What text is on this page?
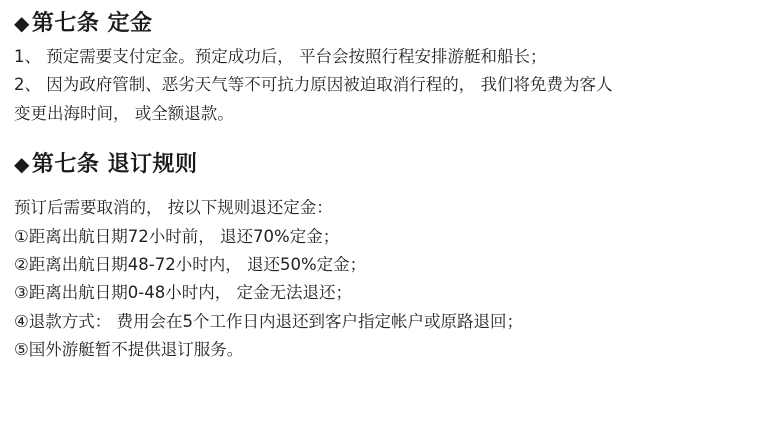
◆ 第七条 定金

1、 预定需要支付定金。预定成功后， 平台会按照行程安排游艇和船长；

2、 因为政府管制、恶劣天气等不可抗力原因被迫取消行程的， 我们将免费为客人

变更出海时间， 或全额退款。

◆ 第七条 退订规则

预订后需要取消的， 按以下规则退还定金：

①距离出航日期72小时前， 退还70%定金；

②距离出航日期48-72小时内， 退还50%定金；

③距离出航日期0-48小时内， 定金无法退还；

④退款方式： 费用会在5个工作日内退还到客户指定帐户或原路退回；

⑤国外游艇暂不提供退订服务。
